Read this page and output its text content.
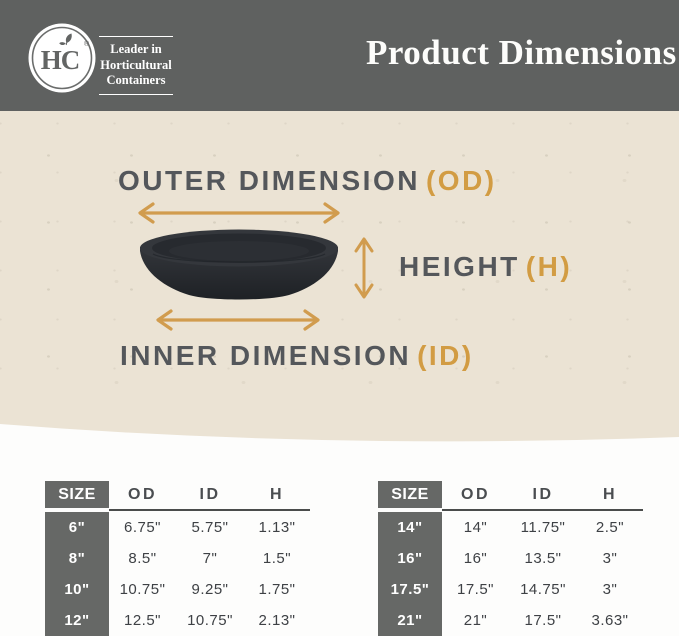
HC
®	Leader in
Horticultural
Containers
Product Dimensions
OUTER DIMENSION (OD)
HEIGHT (H)
INNER DIMENSION (ID)
SIZE	OD	ID	H
6"	6.75"	5.75"	1.13"
8"	8.5"	7"	1.5"
10"	10.75"	9.25"	1.75"
12"	12.5"	10.75"	2.13"
SIZE	OD	ID	H
14"	14"	11.75"	2.5"
16"	16"	13.5"	3"
17.5"	17.5"	14.75"	3"
21"	21"	17.5"	3.63"
